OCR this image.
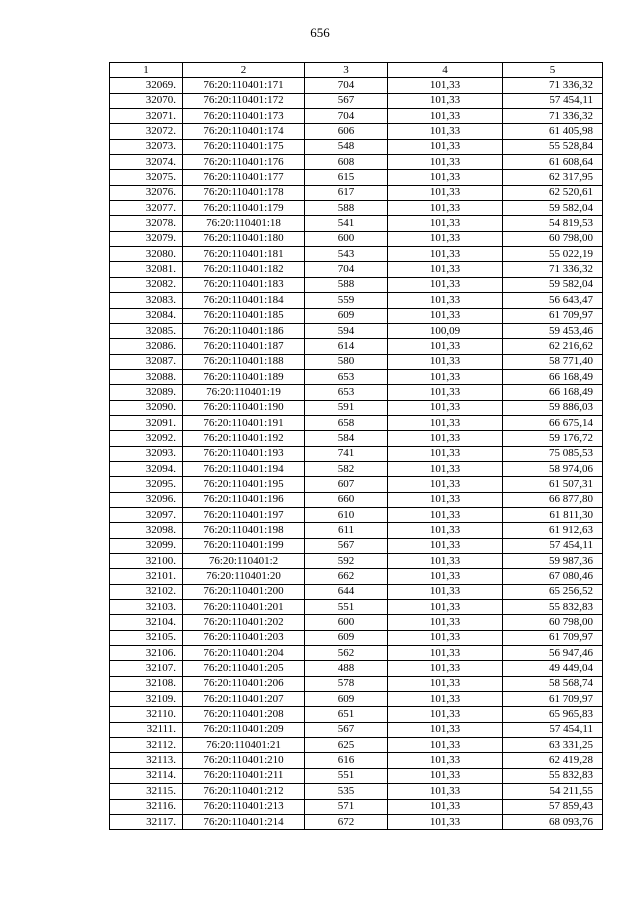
656
1	2	3	4	5
32069.	76:20:110401:171	704	101,33	71 336,32
32070.	76:20:110401:172	567	101,33	57 454,11
32071.	76:20:110401:173	704	101,33	71 336,32
32072.	76:20:110401:174	606	101,33	61 405,98
32073.	76:20:110401:175	548	101,33	55 528,84
32074.	76:20:110401:176	608	101,33	61 608,64
32075.	76:20:110401:177	615	101,33	62 317,95
32076.	76:20:110401:178	617	101,33	62 520,61
32077.	76:20:110401:179	588	101,33	59 582,04
32078.	76:20:110401:18	541	101,33	54 819,53
32079.	76:20:110401:180	600	101,33	60 798,00
32080.	76:20:110401:181	543	101,33	55 022,19
32081.	76:20:110401:182	704	101,33	71 336,32
32082.	76:20:110401:183	588	101,33	59 582,04
32083.	76:20:110401:184	559	101,33	56 643,47
32084.	76:20:110401:185	609	101,33	61 709,97
32085.	76:20:110401:186	594	100,09	59 453,46
32086.	76:20:110401:187	614	101,33	62 216,62
32087.	76:20:110401:188	580	101,33	58 771,40
32088.	76:20:110401:189	653	101,33	66 168,49
32089.	76:20:110401:19	653	101,33	66 168,49
32090.	76:20:110401:190	591	101,33	59 886,03
32091.	76:20:110401:191	658	101,33	66 675,14
32092.	76:20:110401:192	584	101,33	59 176,72
32093.	76:20:110401:193	741	101,33	75 085,53
32094.	76:20:110401:194	582	101,33	58 974,06
32095.	76:20:110401:195	607	101,33	61 507,31
32096.	76:20:110401:196	660	101,33	66 877,80
32097.	76:20:110401:197	610	101,33	61 811,30
32098.	76:20:110401:198	611	101,33	61 912,63
32099.	76:20:110401:199	567	101,33	57 454,11
32100.	76:20:110401:2	592	101,33	59 987,36
32101.	76:20:110401:20	662	101,33	67 080,46
32102.	76:20:110401:200	644	101,33	65 256,52
32103.	76:20:110401:201	551	101,33	55 832,83
32104.	76:20:110401:202	600	101,33	60 798,00
32105.	76:20:110401:203	609	101,33	61 709,97
32106.	76:20:110401:204	562	101,33	56 947,46
32107.	76:20:110401:205	488	101,33	49 449,04
32108.	76:20:110401:206	578	101,33	58 568,74
32109.	76:20:110401:207	609	101,33	61 709,97
32110.	76:20:110401:208	651	101,33	65 965,83
32111.	76:20:110401:209	567	101,33	57 454,11
32112.	76:20:110401:21	625	101,33	63 331,25
32113.	76:20:110401:210	616	101,33	62 419,28
32114.	76:20:110401:211	551	101,33	55 832,83
32115.	76:20:110401:212	535	101,33	54 211,55
32116.	76:20:110401:213	571	101,33	57 859,43
32117.	76:20:110401:214	672	101,33	68 093,76
